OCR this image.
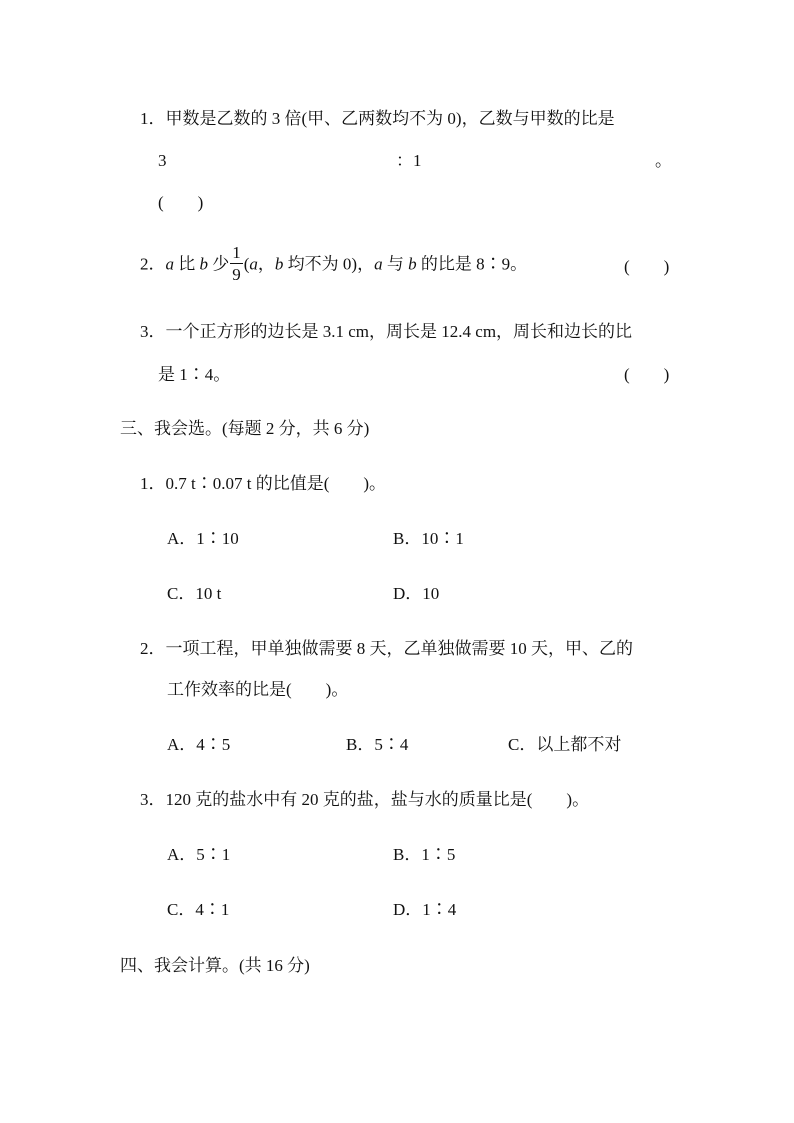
1．甲数是乙数的 3 倍(甲、乙两数均不为 0)，乙数与甲数的比是
3	：1	。
(　　)
2．a 比 b 少 $\frac{1}{9} (a$，b 均不为 0)，a 与 b 的比是 8∶9。	(　　)
3．一个正方形的边长是 3.1 cm，周长是 12.4 cm，周长和边长的比
是 1∶4。	(　　)
三、我会选。(每题 2 分，共 6 分)
1．0.7 t∶0.07 t 的比值是(　　)。
A．1∶10	B．10∶1
C．10 t	D．10
2．一项工程，甲单独做需要 8 天，乙单独做需要 10 天，甲、乙的
工作效率的比是(　　)。
A．4∶5	B．5∶4	C．以上都不对
3．120 克的盐水中有 20 克的盐，盐与水的质量比是(　　)。
A．5∶1	B．1∶5
C．4∶1	D．1∶4
四、我会计算。(共 16 分)
